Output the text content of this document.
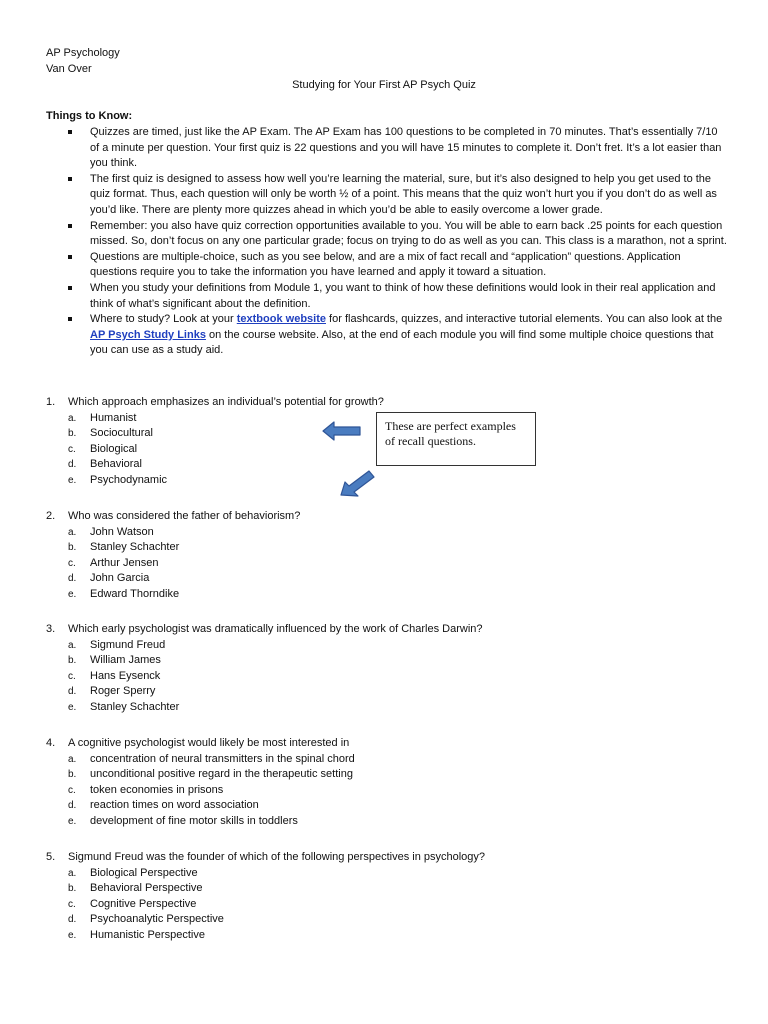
AP Psychology
Van Over
Studying for Your First AP Psych Quiz
Things to Know:
Quizzes are timed, just like the AP Exam. The AP Exam has 100 questions to be completed in 70 minutes. That’s essentially 7/10 of a minute per question. Your first quiz is 22 questions and you will have 15 minutes to complete it. Don’t fret. It’s a lot easier than you think.
The first quiz is designed to assess how well you’re learning the material, sure, but it’s also designed to help you get used to the quiz format. Thus, each question will only be worth ½ of a point. This means that the quiz won’t hurt you if you don’t do as well as you’d like. There are plenty more quizzes ahead in which you’d be able to easily overcome a lower grade.
Remember: you also have quiz correction opportunities available to you. You will be able to earn back .25 points for each question missed. So, don’t focus on any one particular grade; focus on trying to do as well as you can. This class is a marathon, not a sprint.
Questions are multiple-choice, such as you see below, and are a mix of fact recall and “application” questions. Application questions require you to take the information you have learned and apply it toward a situation.
When you study your definitions from Module 1, you want to think of how these definitions would look in their real application and think of what’s significant about the definition.
Where to study? Look at your textbook website for flashcards, quizzes, and interactive tutorial elements. You can also look at the AP Psych Study Links on the course website. Also, at the end of each module you will find some multiple choice questions that you can use as a study aid.
1. Which approach emphasizes an individual’s potential for growth?
a. Humanist
b. Sociocultural
c. Biological
d. Behavioral
e. Psychodynamic
2. Who was considered the father of behaviorism?
a. John Watson
b. Stanley Schachter
c. Arthur Jensen
d. John Garcia
e. Edward Thorndike
3. Which early psychologist was dramatically influenced by the work of Charles Darwin?
a. Sigmund Freud
b. William James
c. Hans Eysenck
d. Roger Sperry
e. Stanley Schachter
4. A cognitive psychologist would likely be most interested in
a. concentration of neural transmitters in the spinal chord
b. unconditional positive regard in the therapeutic setting
c. token economies in prisons
d. reaction times on word association
e. development of fine motor skills in toddlers
5. Sigmund Freud was the founder of which of the following perspectives in psychology?
a. Biological Perspective
b. Behavioral Perspective
c. Cognitive Perspective
d. Psychoanalytic Perspective
e. Humanistic Perspective
These are perfect examples of recall questions.
